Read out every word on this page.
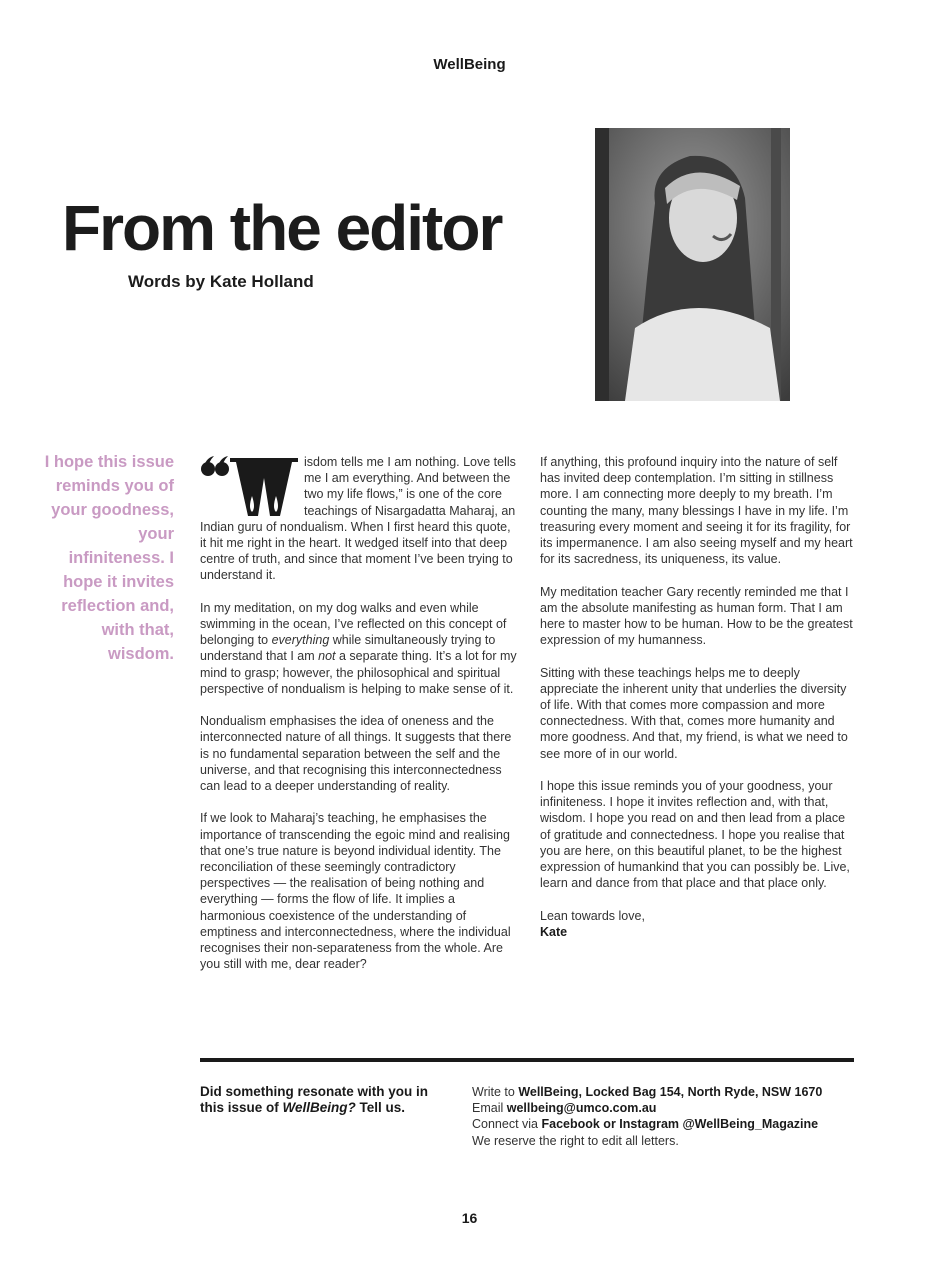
WellBeing
From the editor
Words by Kate Holland
I hope this issue reminds you of your goodness, your infiniteness. I hope it invites reflection and, with that, wisdom.

W	isdom tells me I am nothing. Love tells me I am everything. And between the two my life flows,” is one of the core teachings of Nisargadatta Maharaj, an Indian guru of nondualism. When I first heard this quote, it hit me right in the heart. It wedged itself into that deep centre of truth, and since that moment I’ve been trying to understand it.

In my meditation, on my dog walks and even while swimming in the ocean, I’ve reflected on this concept of belonging to everything while simultaneously trying to understand that I am not a separate thing. It’s a lot for my mind to grasp; however, the philosophical and spiritual perspective of nondualism is helping to make sense of it.

Nondualism emphasises the idea of oneness and the interconnected nature of all things. It suggests that there is no fundamental separation between the self and the universe, and that recognising this interconnectedness can lead to a deeper understanding of reality.

If we look to Maharaj’s teaching, he emphasises the importance of transcending the egoic mind and realising that one’s true nature is beyond individual identity. The reconciliation of these seemingly contradictory perspectives — the realisation of being nothing and everything — forms the flow of life. It implies a harmonious coexistence of the understanding of emptiness and interconnectedness, where the individual recognises their non-separateness from the whole. Are you still with me, dear reader?

If anything, this profound inquiry into the nature of self has invited deep contemplation. I’m sitting in stillness more. I am connecting more deeply to my breath. I’m counting the many, many blessings I have in my life. I’m treasuring every moment and seeing it for its fragility, for its impermanence. I am also seeing myself and my heart for its sacredness, its uniqueness, its value.

My meditation teacher Gary recently reminded me that I am the absolute manifesting as human form. That I am here to master how to be human. How to be the greatest expression of my humanness.

Sitting with these teachings helps me to deeply appreciate the inherent unity that underlies the diversity of life. With that comes more compassion and more connectedness. With that, comes more humanity and more goodness. And that, my friend, is what we need to see more of in our world.

I hope this issue reminds you of your goodness, your infiniteness. I hope it invites reflection and, with that, wisdom. I hope you read on and then lead from a place of gratitude and connectedness. I hope you realise that you are here, on this beautiful planet, to be the highest expression of humankind that you can possibly be. Live, learn and dance from that place and that place only.

Lean towards love,
Kate

Did something resonate with you in this issue of WellBeing? Tell us.
Write to WellBeing, Locked Bag 154, North Ryde, NSW 1670
Email wellbeing@umco.com.au
Connect via Facebook or Instagram @WellBeing_Magazine
We reserve the right to edit all letters.
16
